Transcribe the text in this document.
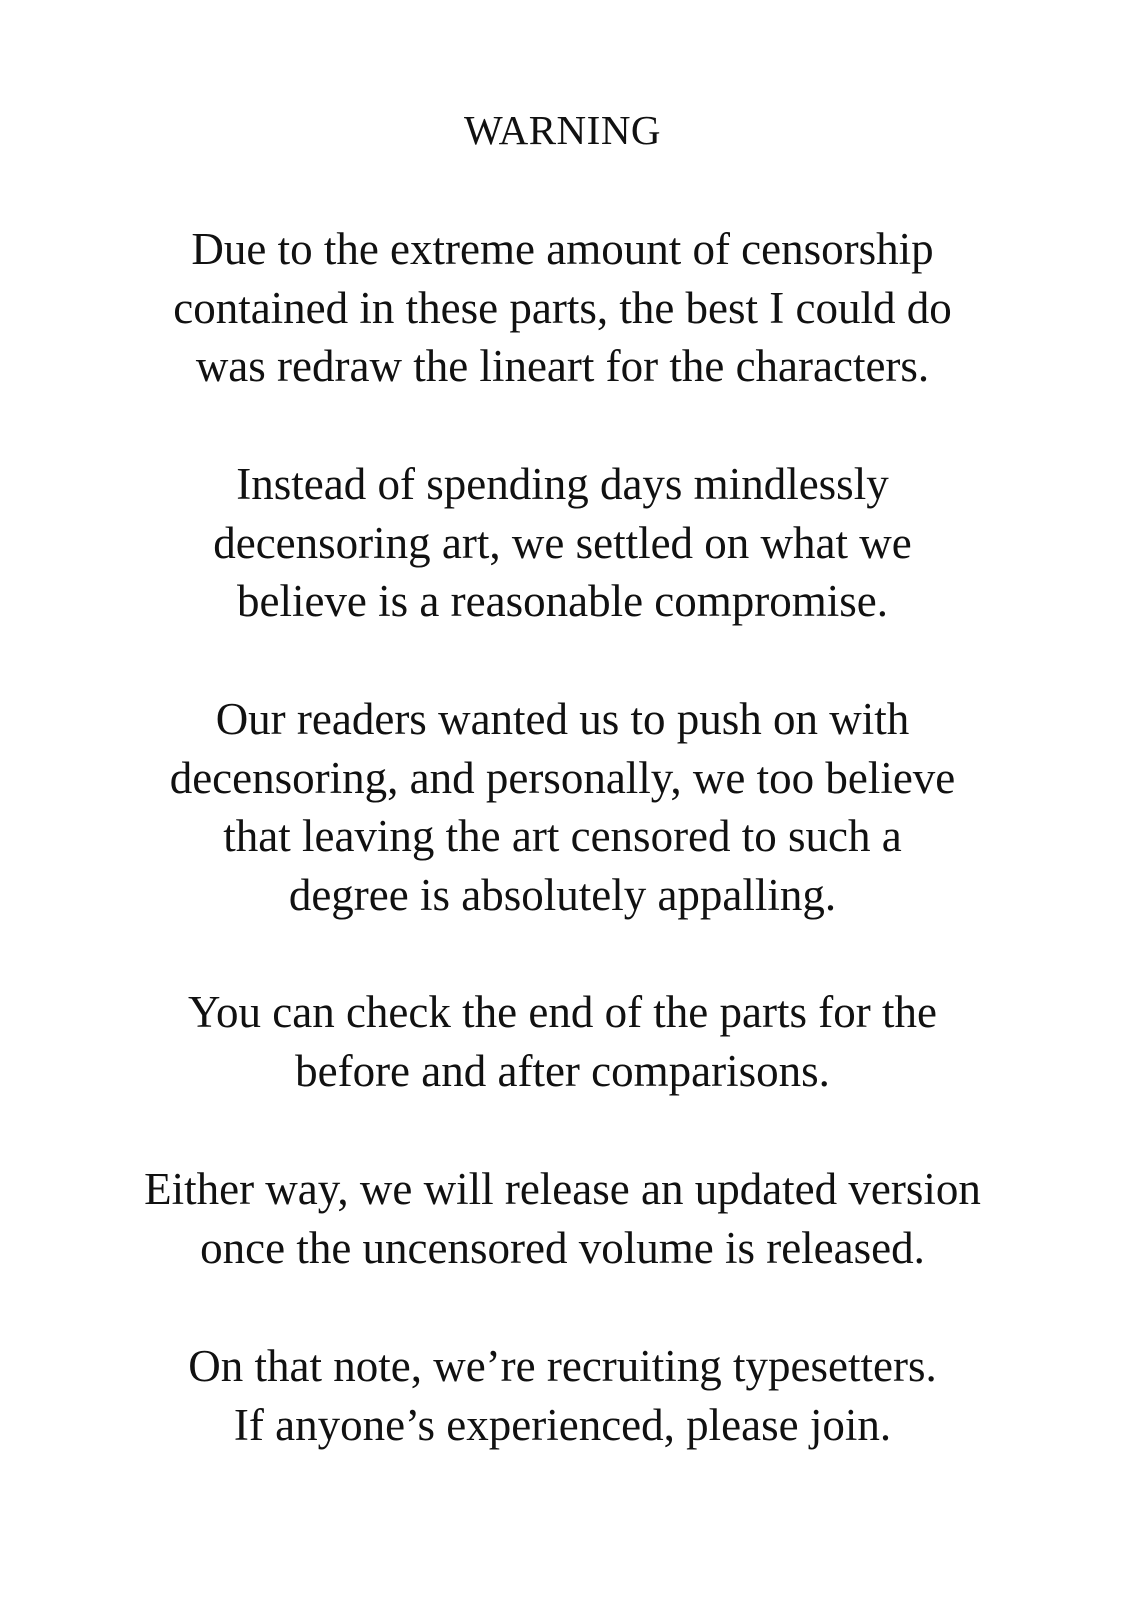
WARNING
Due to the extreme amount of censorship
contained in these parts, the best I could do
was redraw the lineart for the characters.
Instead of spending days mindlessly
decensoring art, we settled on what we
believe is a reasonable compromise.
Our readers wanted us to push on with
decensoring, and personally, we too believe
that leaving the art censored to such a
degree is absolutely appalling.
You can check the end of the parts for the
before and after comparisons.
Either way, we will release an updated version
once the uncensored volume is released.
On that note, we’re recruiting typesetters.
If anyone’s experienced, please join.
